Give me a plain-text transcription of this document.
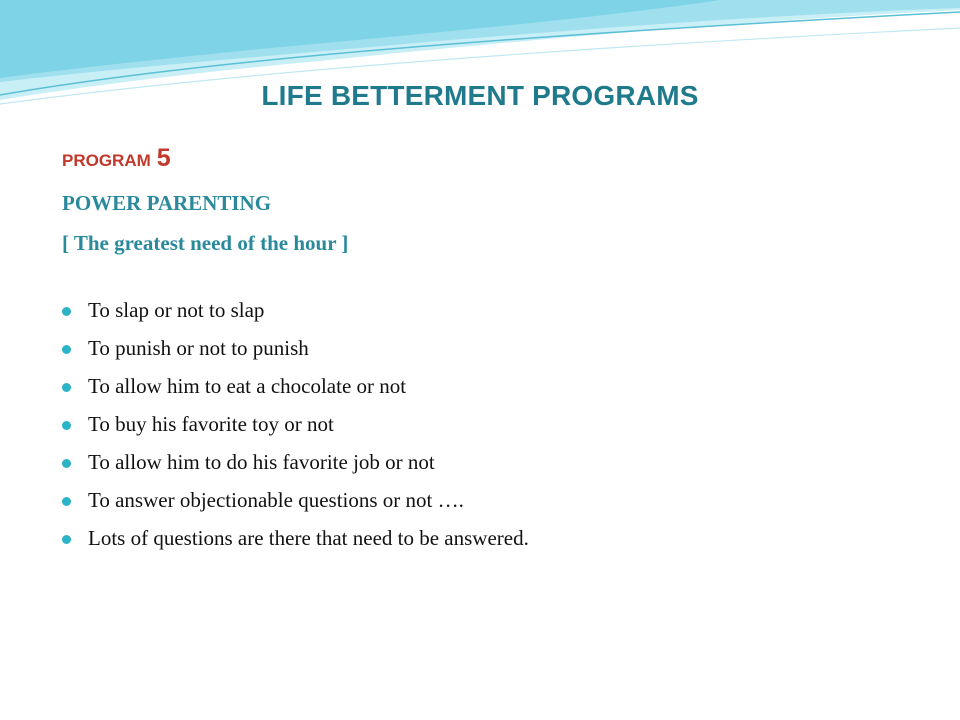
LIFE BETTERMENT PROGRAMS
PROGRAM 5
POWER PARENTING
[ The greatest need of the hour ]
To slap or not to slap
To punish or not to punish
To allow him to eat a chocolate or not
To buy his favorite toy or not
To allow him to do his favorite job or not
To answer objectionable questions or not ….
Lots of questions are there that need to be answered.
